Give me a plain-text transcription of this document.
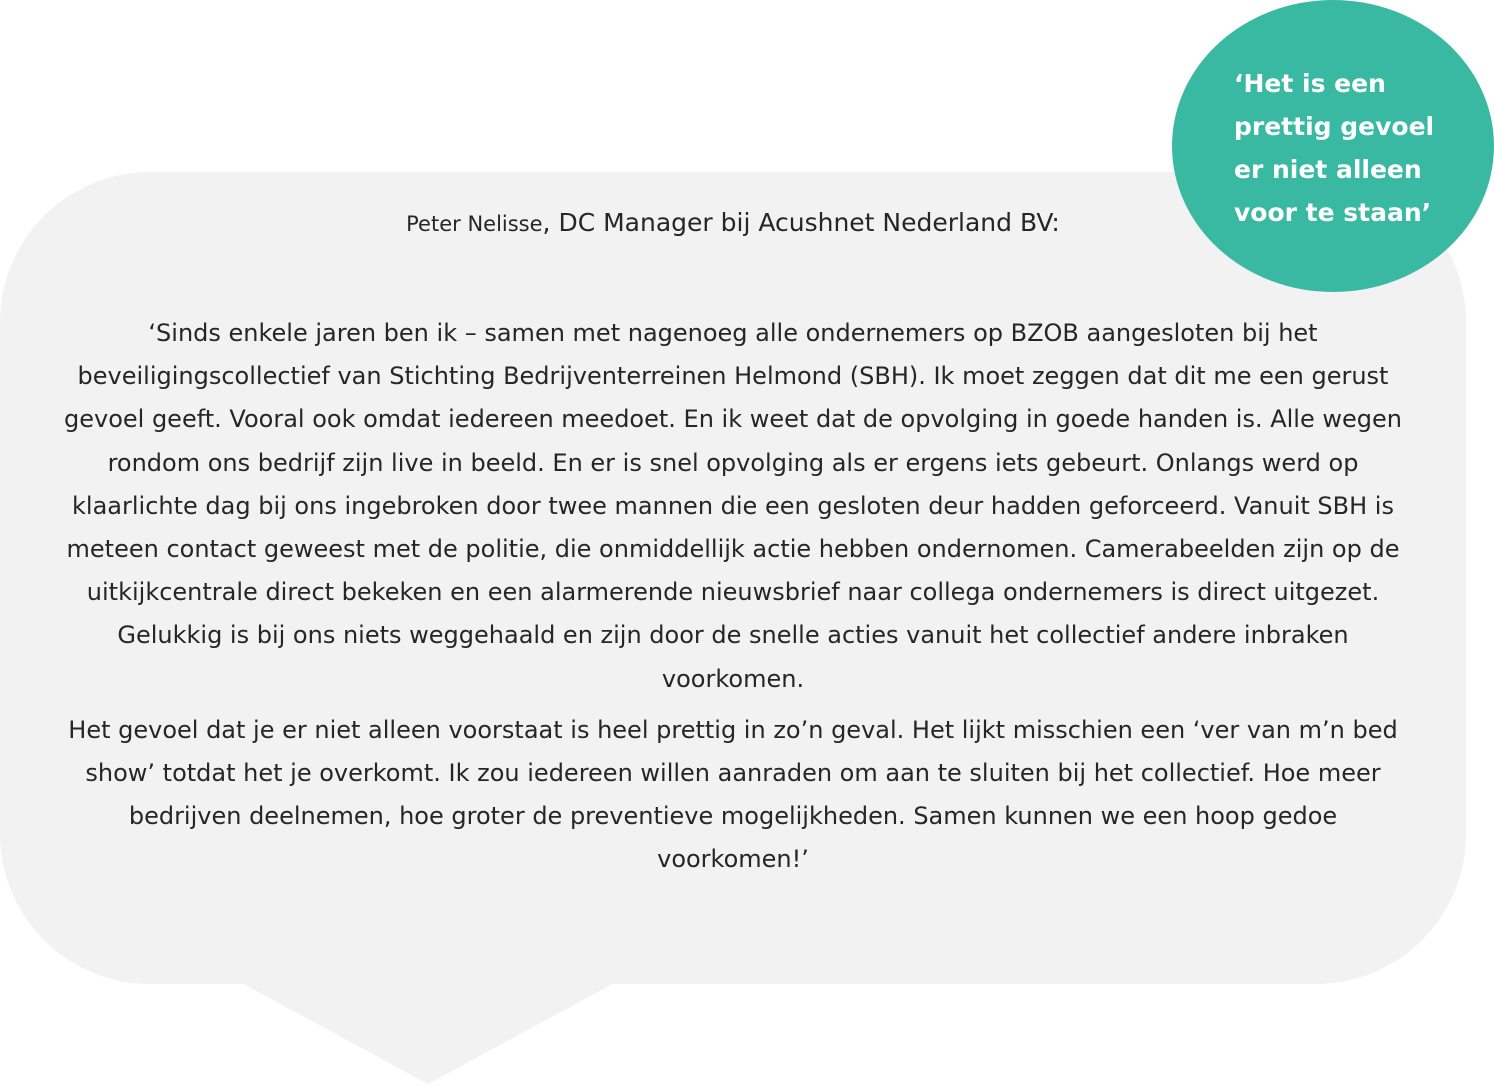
Peter Nelisse, DC Manager bij Acushnet Nederland BV:

‘Sinds enkele jaren ben ik – samen met nagenoeg alle ondernemers op BZOB aangesloten bij het beveiligingscollectief van Stichting Bedrijventerreinen Helmond (SBH). Ik moet zeggen dat dit me een gerust gevoel geeft. Vooral ook omdat iedereen meedoet. En ik weet dat de opvolging in goede handen is. Alle wegen rondom ons bedrijf zijn live in beeld. En er is snel opvolging als er ergens iets gebeurt. Onlangs werd op klaarlichte dag bij ons ingebroken door twee mannen die een gesloten deur hadden geforceerd. Vanuit SBH is meteen contact geweest met de politie, die onmiddellijk actie hebben ondernomen. Camerabeelden zijn op de uitkijkcentrale direct bekeken en een alarmerende nieuwsbrief naar collega ondernemers is direct uitgezet. Gelukkig is bij ons niets weggehaald en zijn door de snelle acties vanuit het collectief andere inbraken voorkomen.

Het gevoel dat je er niet alleen voorstaat is heel prettig in zo’n geval. Het lijkt misschien een ‘ver van m’n bed show’ totdat het je overkomt. Ik zou iedereen willen aanraden om aan te sluiten bij het collectief. Hoe meer bedrijven deelnemen, hoe groter de preventieve mogelijkheden. Samen kunnen we een hoop gedoe voorkomen!’

‘Het is een
prettig gevoel
er niet alleen
voor te staan’
